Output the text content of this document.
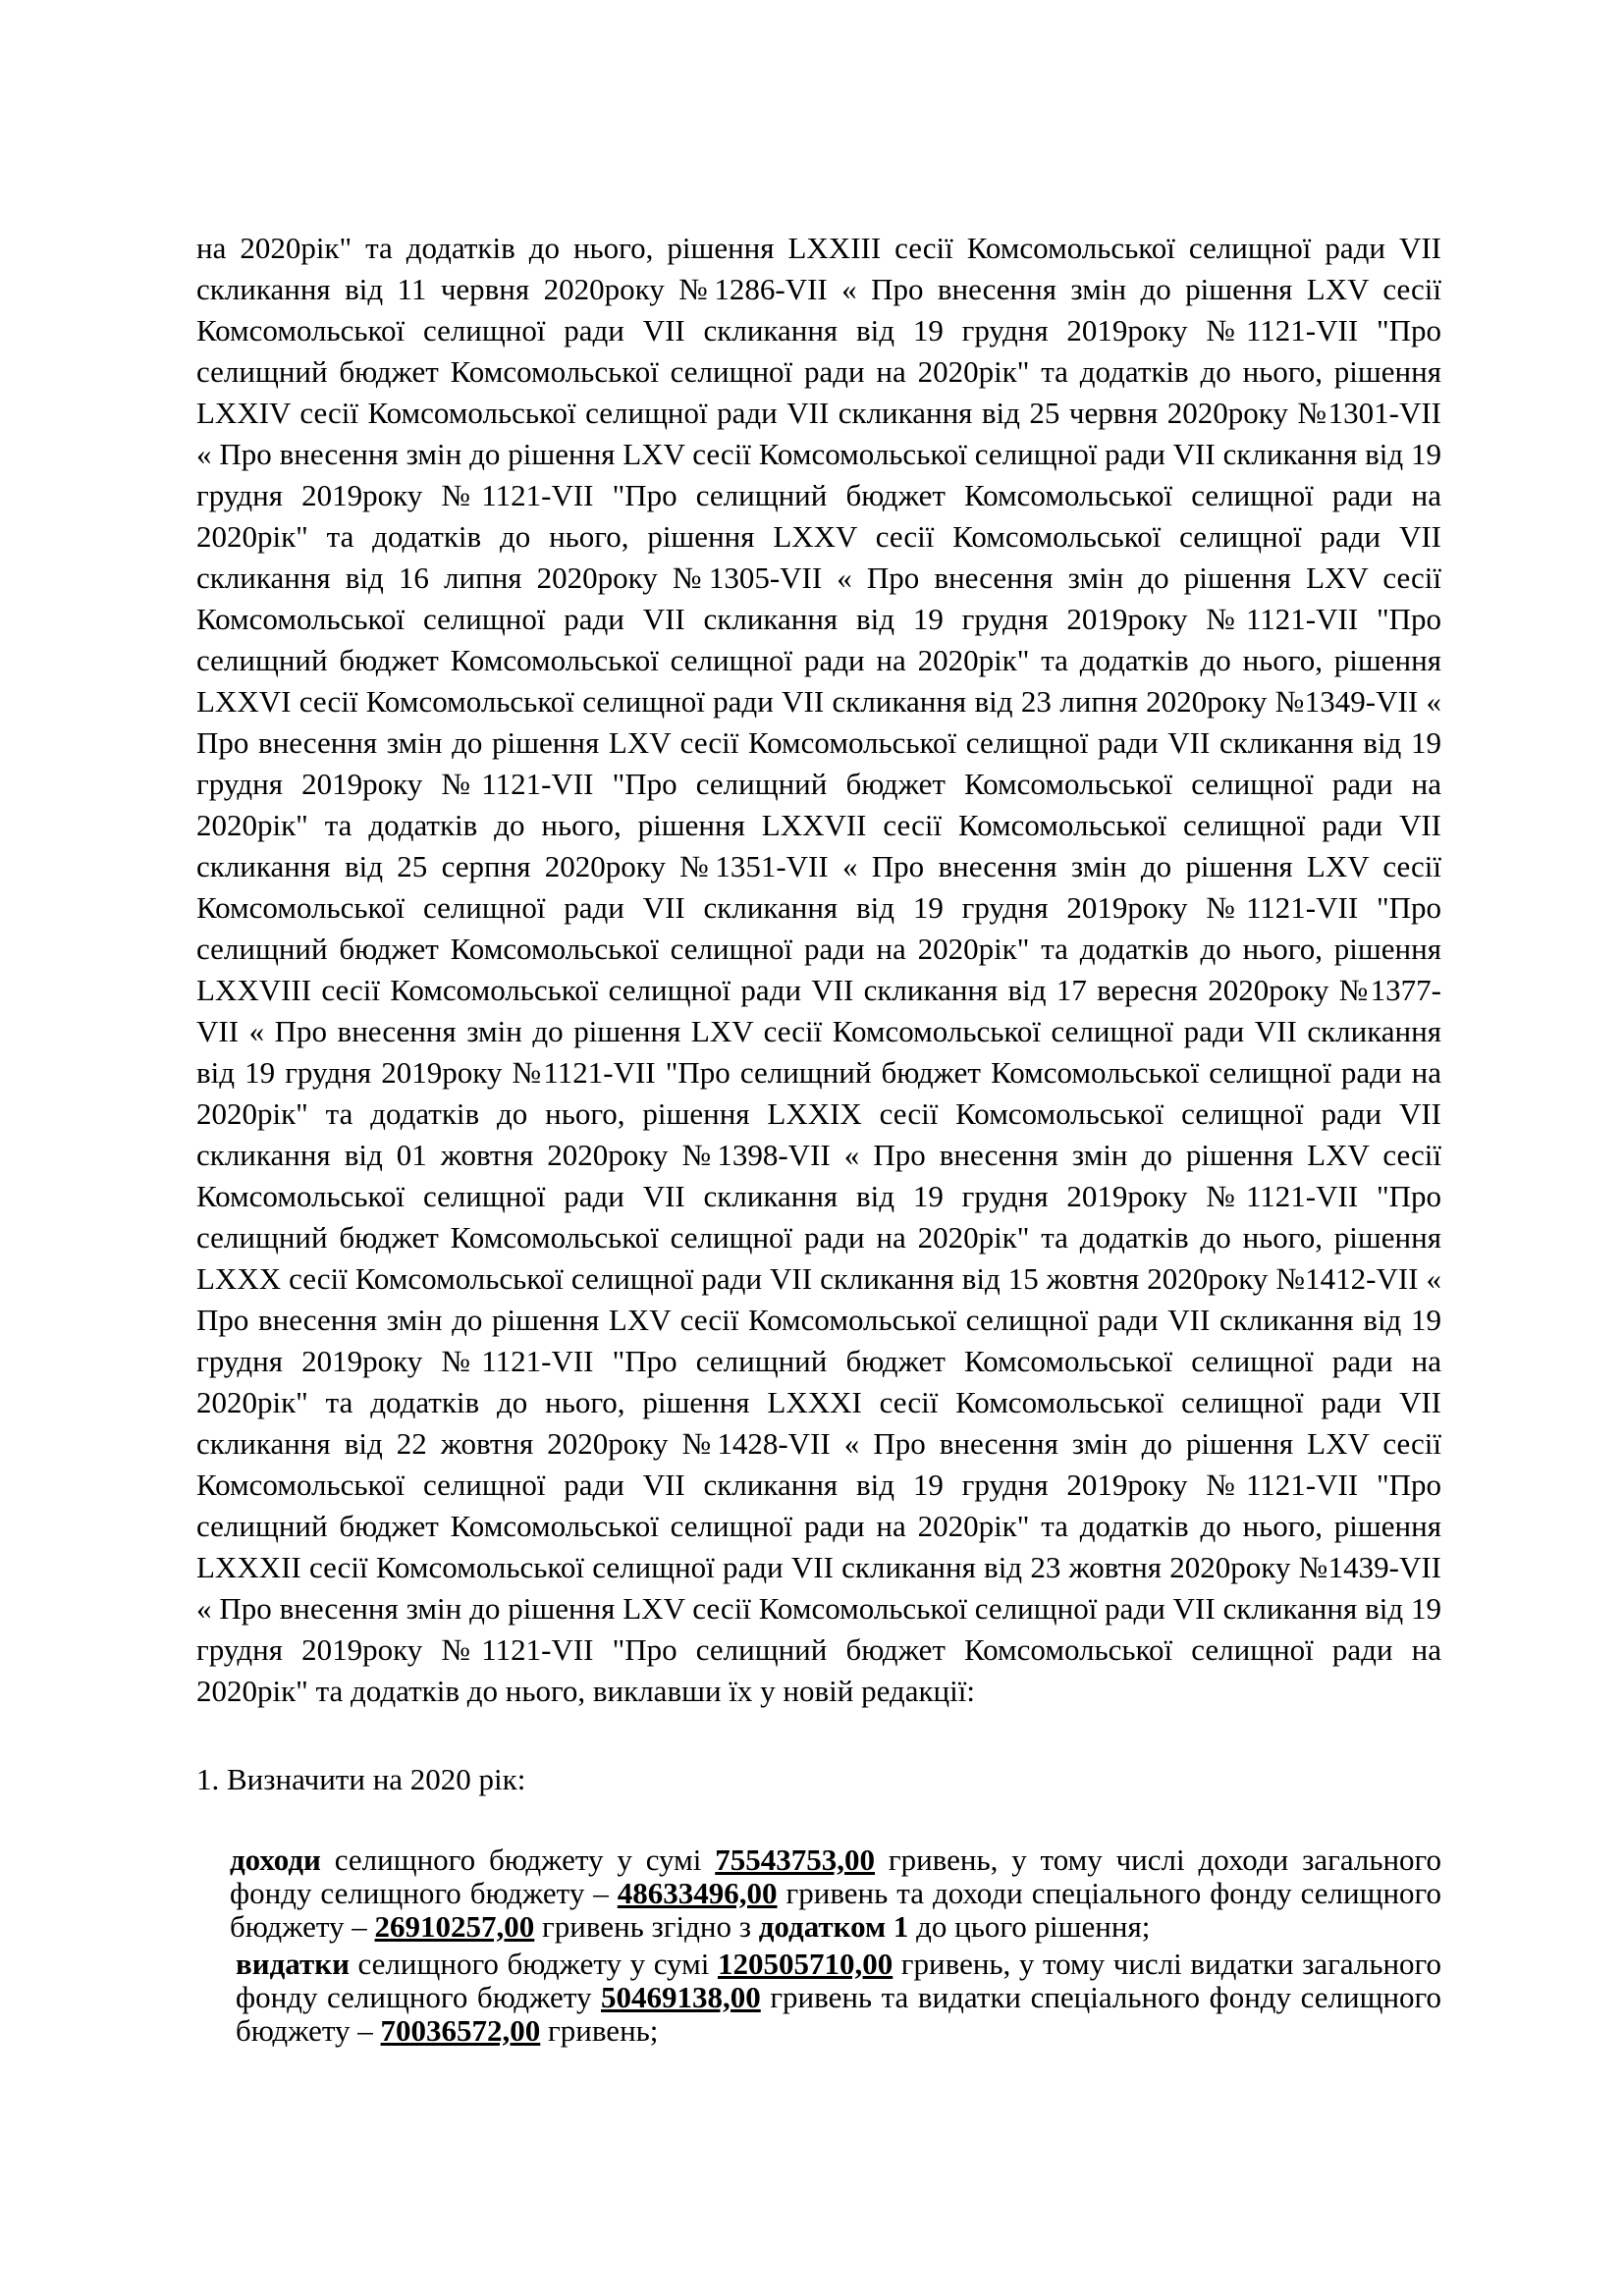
на 2020рік" та додатків до нього, рішення LXXIII сесії Комсомольської селищної ради VII скликання від 11 червня 2020року №1286-VII « Про внесення змін до рішення LXV сесії Комсомольської селищної ради VII скликання від 19 грудня 2019року №1121-VII "Про селищний бюджет Комсомольської селищної ради на 2020рік" та додатків до нього, рішення LXXIV сесії Комсомольської селищної ради VII скликання від 25 червня 2020року №1301-VII « Про внесення змін до рішення LXV сесії Комсомольської селищної ради VII скликання від 19 грудня 2019року №1121-VII "Про селищний бюджет Комсомольської селищної ради на 2020рік" та додатків до нього, рішення LXXV сесії Комсомольської селищної ради VII скликання від 16 липня 2020року №1305-VII « Про внесення змін до рішення LXV сесії Комсомольської селищної ради VII скликання від 19 грудня 2019року №1121-VII "Про селищний бюджет Комсомольської селищної ради на 2020рік" та додатків до нього, рішення LXXVI сесії Комсомольської селищної ради VII скликання від 23 липня 2020року №1349-VII « Про внесення змін до рішення LXV сесії Комсомольської селищної ради VII скликання від 19 грудня 2019року №1121-VII "Про селищний бюджет Комсомольської селищної ради на 2020рік" та додатків до нього, рішення LXXVII сесії Комсомольської селищної ради VII скликання від 25 серпня 2020року №1351-VII « Про внесення змін до рішення LXV сесії Комсомольської селищної ради VII скликання від 19 грудня 2019року №1121-VII "Про селищний бюджет Комсомольської селищної ради на 2020рік" та додатків до нього, рішення LXXVIII сесії Комсомольської селищної ради VII скликання від 17 вересня 2020року №1377-VII « Про внесення змін до рішення LXV сесії Комсомольської селищної ради VII скликання від 19 грудня 2019року №1121-VII "Про селищний бюджет Комсомольської селищної ради на 2020рік" та додатків до нього, рішення LXXIX сесії Комсомольської селищної ради VII скликання від 01 жовтня 2020року №1398-VII « Про внесення змін до рішення LXV сесії Комсомольської селищної ради VII скликання від 19 грудня 2019року №1121-VII "Про селищний бюджет Комсомольської селищної ради на 2020рік" та додатків до нього, рішення LXXX сесії Комсомольської селищної ради VII скликання від 15 жовтня 2020року №1412-VII « Про внесення змін до рішення LXV сесії Комсомольської селищної ради VII скликання від 19 грудня 2019року №1121-VII "Про селищний бюджет Комсомольської селищної ради на 2020рік" та додатків до нього, рішення LXXXI сесії Комсомольської селищної ради VII скликання від 22 жовтня 2020року №1428-VII « Про внесення змін до рішення LXV сесії Комсомольської селищної ради VII скликання від 19 грудня 2019року №1121-VII "Про селищний бюджет Комсомольської селищної ради на 2020рік" та додатків до нього, рішення LXXXII сесії Комсомольської селищної ради VII скликання від 23 жовтня 2020року №1439-VII « Про внесення змін до рішення LXV сесії Комсомольської селищної ради VII скликання від 19 грудня 2019року №1121-VII "Про селищний бюджет Комсомольської селищної ради на 2020рік" та додатків до нього, виклавши їх у новій редакції:

1. Визначити на 2020 рік:

доходи селищного бюджету у сумі 75543753,00 гривень, у тому числі доходи загального фонду селищного бюджету – 48633496,00 гривень та доходи спеціального фонду селищного бюджету – 26910257,00 гривень згідно з додатком 1 до цього рішення;

видатки селищного бюджету у сумі 120505710,00 гривень, у тому числі видатки загального фонду селищного бюджету 50469138,00 гривень та видатки спеціального фонду селищного бюджету – 70036572,00 гривень;
